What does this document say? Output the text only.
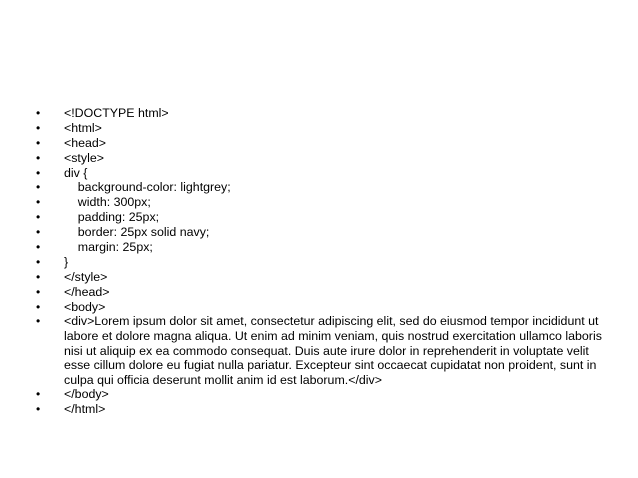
•	<!DOCTYPE html>
•	<html>
•	<head>
•	<style>
•	div {
•	background-color: lightgrey;
•	width: 300px;
•	padding: 25px;
•	border: 25px solid navy;
•	margin: 25px;
•	}
•	</style>
•	</head>
•	<body>
•	<div>Lorem ipsum dolor sit amet, consectetur adipiscing elit, sed do eiusmod tempor incididunt ut labore et dolore magna aliqua. Ut enim ad minim veniam, quis nostrud exercitation ullamco laboris nisi ut aliquip ex ea commodo consequat. Duis aute irure dolor in reprehenderit in voluptate velit esse cillum dolore eu fugiat nulla pariatur. Excepteur sint occaecat cupidatat non proident, sunt in culpa qui officia deserunt mollit anim id est laborum.</div>
•	</body>
•	</html>
